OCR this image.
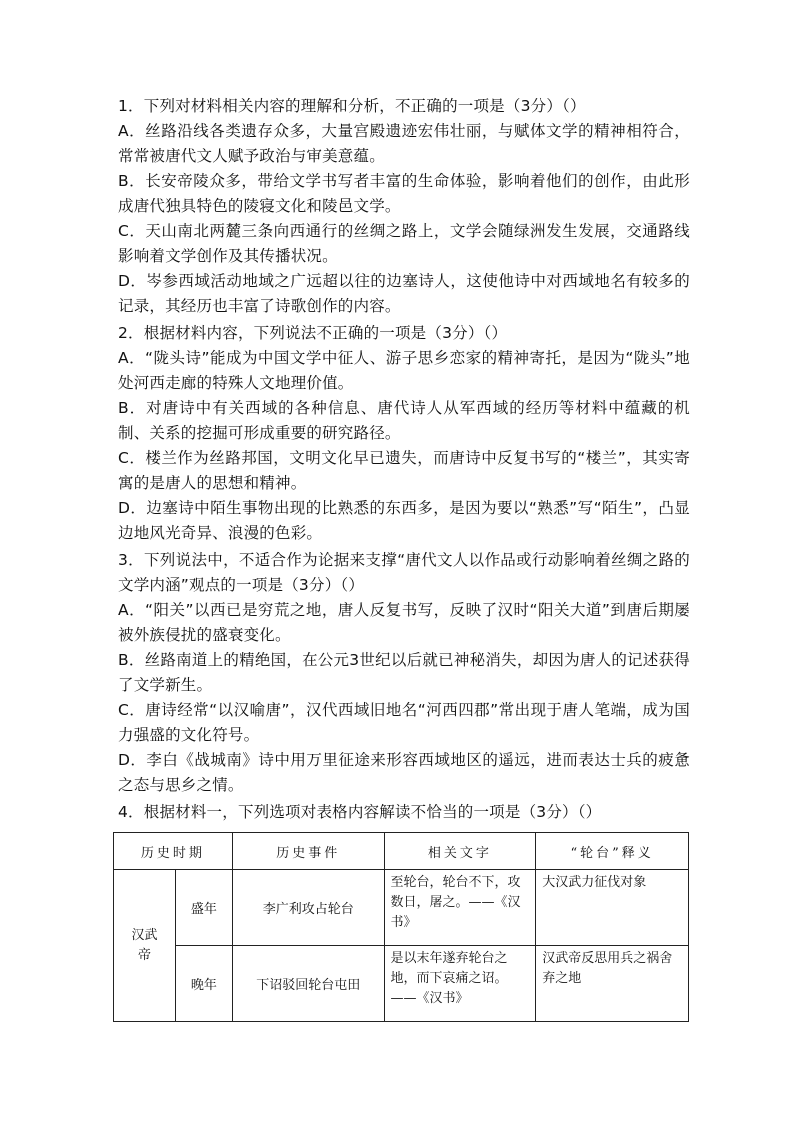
1．下列对材料相关内容的理解和分析，不正确的一项是（3分）（）

A．丝路沿线各类遗存众多，大量宫殿遗迹宏伟壮丽，与赋体文学的精神相符合，常常被唐代文人赋予政治与审美意蕴。

B．长安帝陵众多，带给文学书写者丰富的生命体验，影响着他们的创作，由此形成唐代独具特色的陵寝文化和陵邑文学。

C．天山南北两麓三条向西通行的丝绸之路上，文学会随绿洲发生发展，交通路线影响着文学创作及其传播状况。

D．岑参西域活动地域之广远超以往的边塞诗人，这使他诗中对西域地名有较多的记录，其经历也丰富了诗歌创作的内容。

2．根据材料内容，下列说法不正确的一项是（3分）（）

A．“陇头诗”能成为中国文学中征人、游子思乡恋家的精神寄托，是因为“陇头”地处河西走廊的特殊人文地理价值。

B．对唐诗中有关西域的各种信息、唐代诗人从军西域的经历等材料中蕴藏的机制、关系的挖掘可形成重要的研究路径。

C．楼兰作为丝路邦国，文明文化早已遗失，而唐诗中反复书写的“楼兰”，其实寄寓的是唐人的思想和精神。

D．边塞诗中陌生事物出现的比熟悉的东西多，是因为要以“熟悉”写“陌生”，凸显边地风光奇异、浪漫的色彩。

3．下列说法中，不适合作为论据来支撑“唐代文人以作品或行动影响着丝绸之路的文学内涵”观点的一项是（3分）（）

A．“阳关”以西已是穷荒之地，唐人反复书写，反映了汉时“阳关大道”到唐后期屡被外族侵扰的盛衰变化。

B．丝路南道上的精绝国，在公元3世纪以后就已神秘消失，却因为唐人的记述获得了文学新生。

C．唐诗经常“以汉喻唐”，汉代西域旧地名“河西四郡”常出现于唐人笔端，成为国力强盛的文化符号。

D．李白《战城南》诗中用万里征途来形容西域地区的遥远，进而表达士兵的疲惫之态与思乡之情。

4．根据材料一，下列选项对表格内容解读不恰当的一项是（3分）（）

历史时期		历史事件	相关文字	“轮台”释义

汉武帝	盛年	李广利攻占轮台	至轮台，轮台不下，攻数日，屠之。——《汉书》	大汉武力征伐对象
	晚年	下诏驳回轮台屯田	是以末年遂弃轮台之地，而下哀痛之诏。——《汉书》	汉武帝反思用兵之祸舍弃之地
